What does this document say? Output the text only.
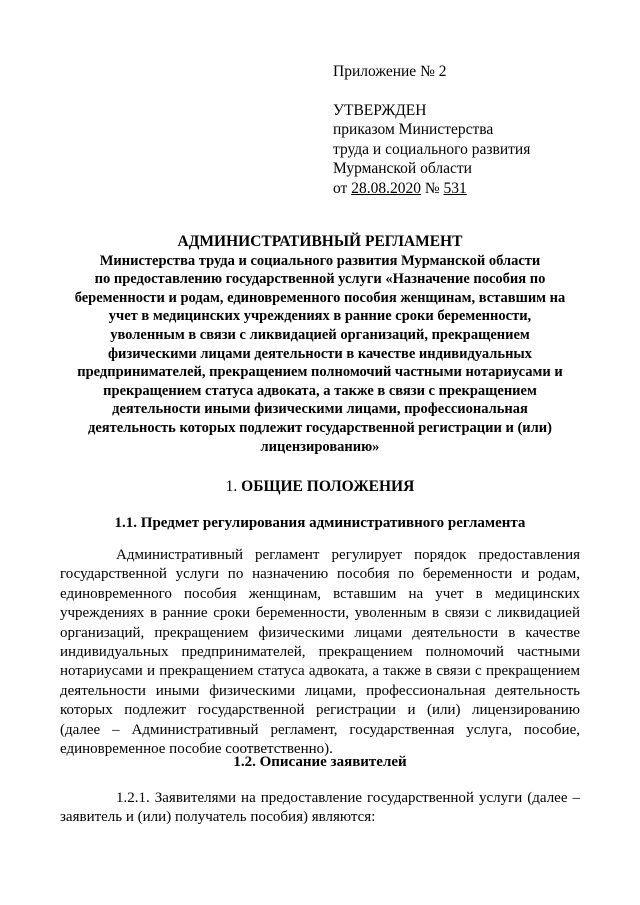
Приложение № 2
УТВЕРЖДЕН
приказом Министерства
труда и социального развития
Мурманской области
от 28.08.2020 № 531
АДМИНИСТРАТИВНЫЙ РЕГЛАМЕНТ
Министерства труда и социального развития Мурманской области
по предоставлению государственной услуги «Назначение пособия по
беременности и родам, единовременного пособия женщинам, вставшим на
учет в медицинских учреждениях в ранние сроки беременности,
уволенным в связи с ликвидацией организаций, прекращением
физическими лицами деятельности в качестве индивидуальных
предпринимателей, прекращением полномочий частными нотариусами и
прекращением статуса адвоката, а также в связи с прекращением
деятельности иными физическими лицами, профессиональная
деятельность которых подлежит государственной регистрации и (или)
лицензированию»
1. ОБЩИЕ ПОЛОЖЕНИЯ
1.1. Предмет регулирования административного регламента
Административный регламент регулирует порядок предоставления
государственной услуги по назначению пособия по беременности и родам,
единовременного пособия женщинам, вставшим на учет в медицинских
учреждениях в ранние сроки беременности, уволенным в связи с ликвидацией
организаций, прекращением физическими лицами деятельности в качестве
индивидуальных предпринимателей, прекращением полномочий частными
нотариусами и прекращением статуса адвоката, а также в связи с прекращением
деятельности иными физическими лицами, профессиональная деятельность
которых подлежит государственной регистрации и (или) лицензированию
(далее – Административный регламент, государственная услуга, пособие,
единовременное пособие соответственно).
1.2. Описание заявителей
1.2.1. Заявителями на предоставление государственной услуги (далее –
заявитель и (или) получатель пособия) являются:
